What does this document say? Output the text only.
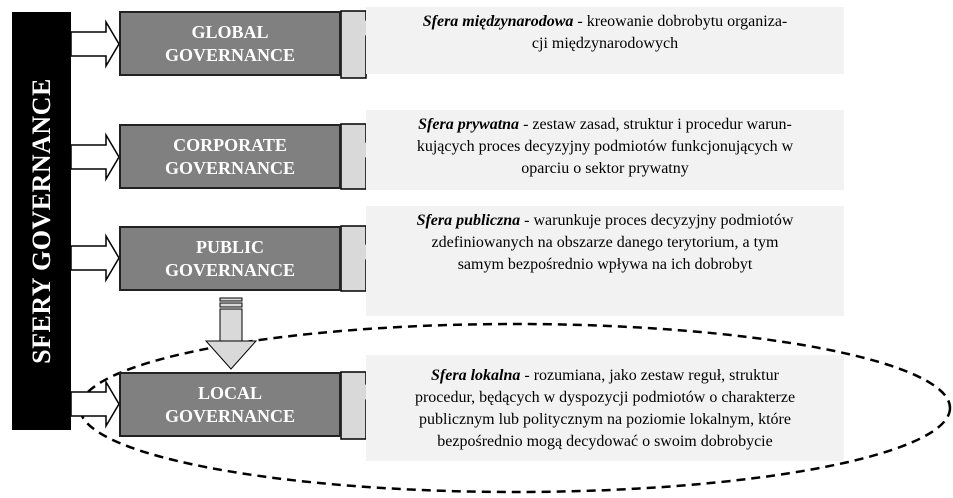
SFERY GOVERNANCE
GLOBAL
GOVERNANCE
CORPORATE
GOVERNANCE
PUBLIC
GOVERNANCE
LOCAL
GOVERNANCE
Sfera międzynarodowa - kreowanie dobrobytu organiza-
cji międzynarodowych
Sfera prywatna - zestaw zasad, struktur i procedur warun-
kujących proces decyzyjny podmiotów funkcjonujących w
oparciu o sektor prywatny
Sfera publiczna - warunkuje proces decyzyjny podmiotów
zdefiniowanych na obszarze danego terytorium, a tym
samym bezpośrednio wpływa na ich dobrobyt
Sfera lokalna - rozumiana, jako zestaw reguł, struktur
procedur, będących w dyspozycji podmiotów o charakterze
publicznym lub politycznym na poziomie lokalnym, które
bezpośrednio mogą decydować o swoim dobrobycie
